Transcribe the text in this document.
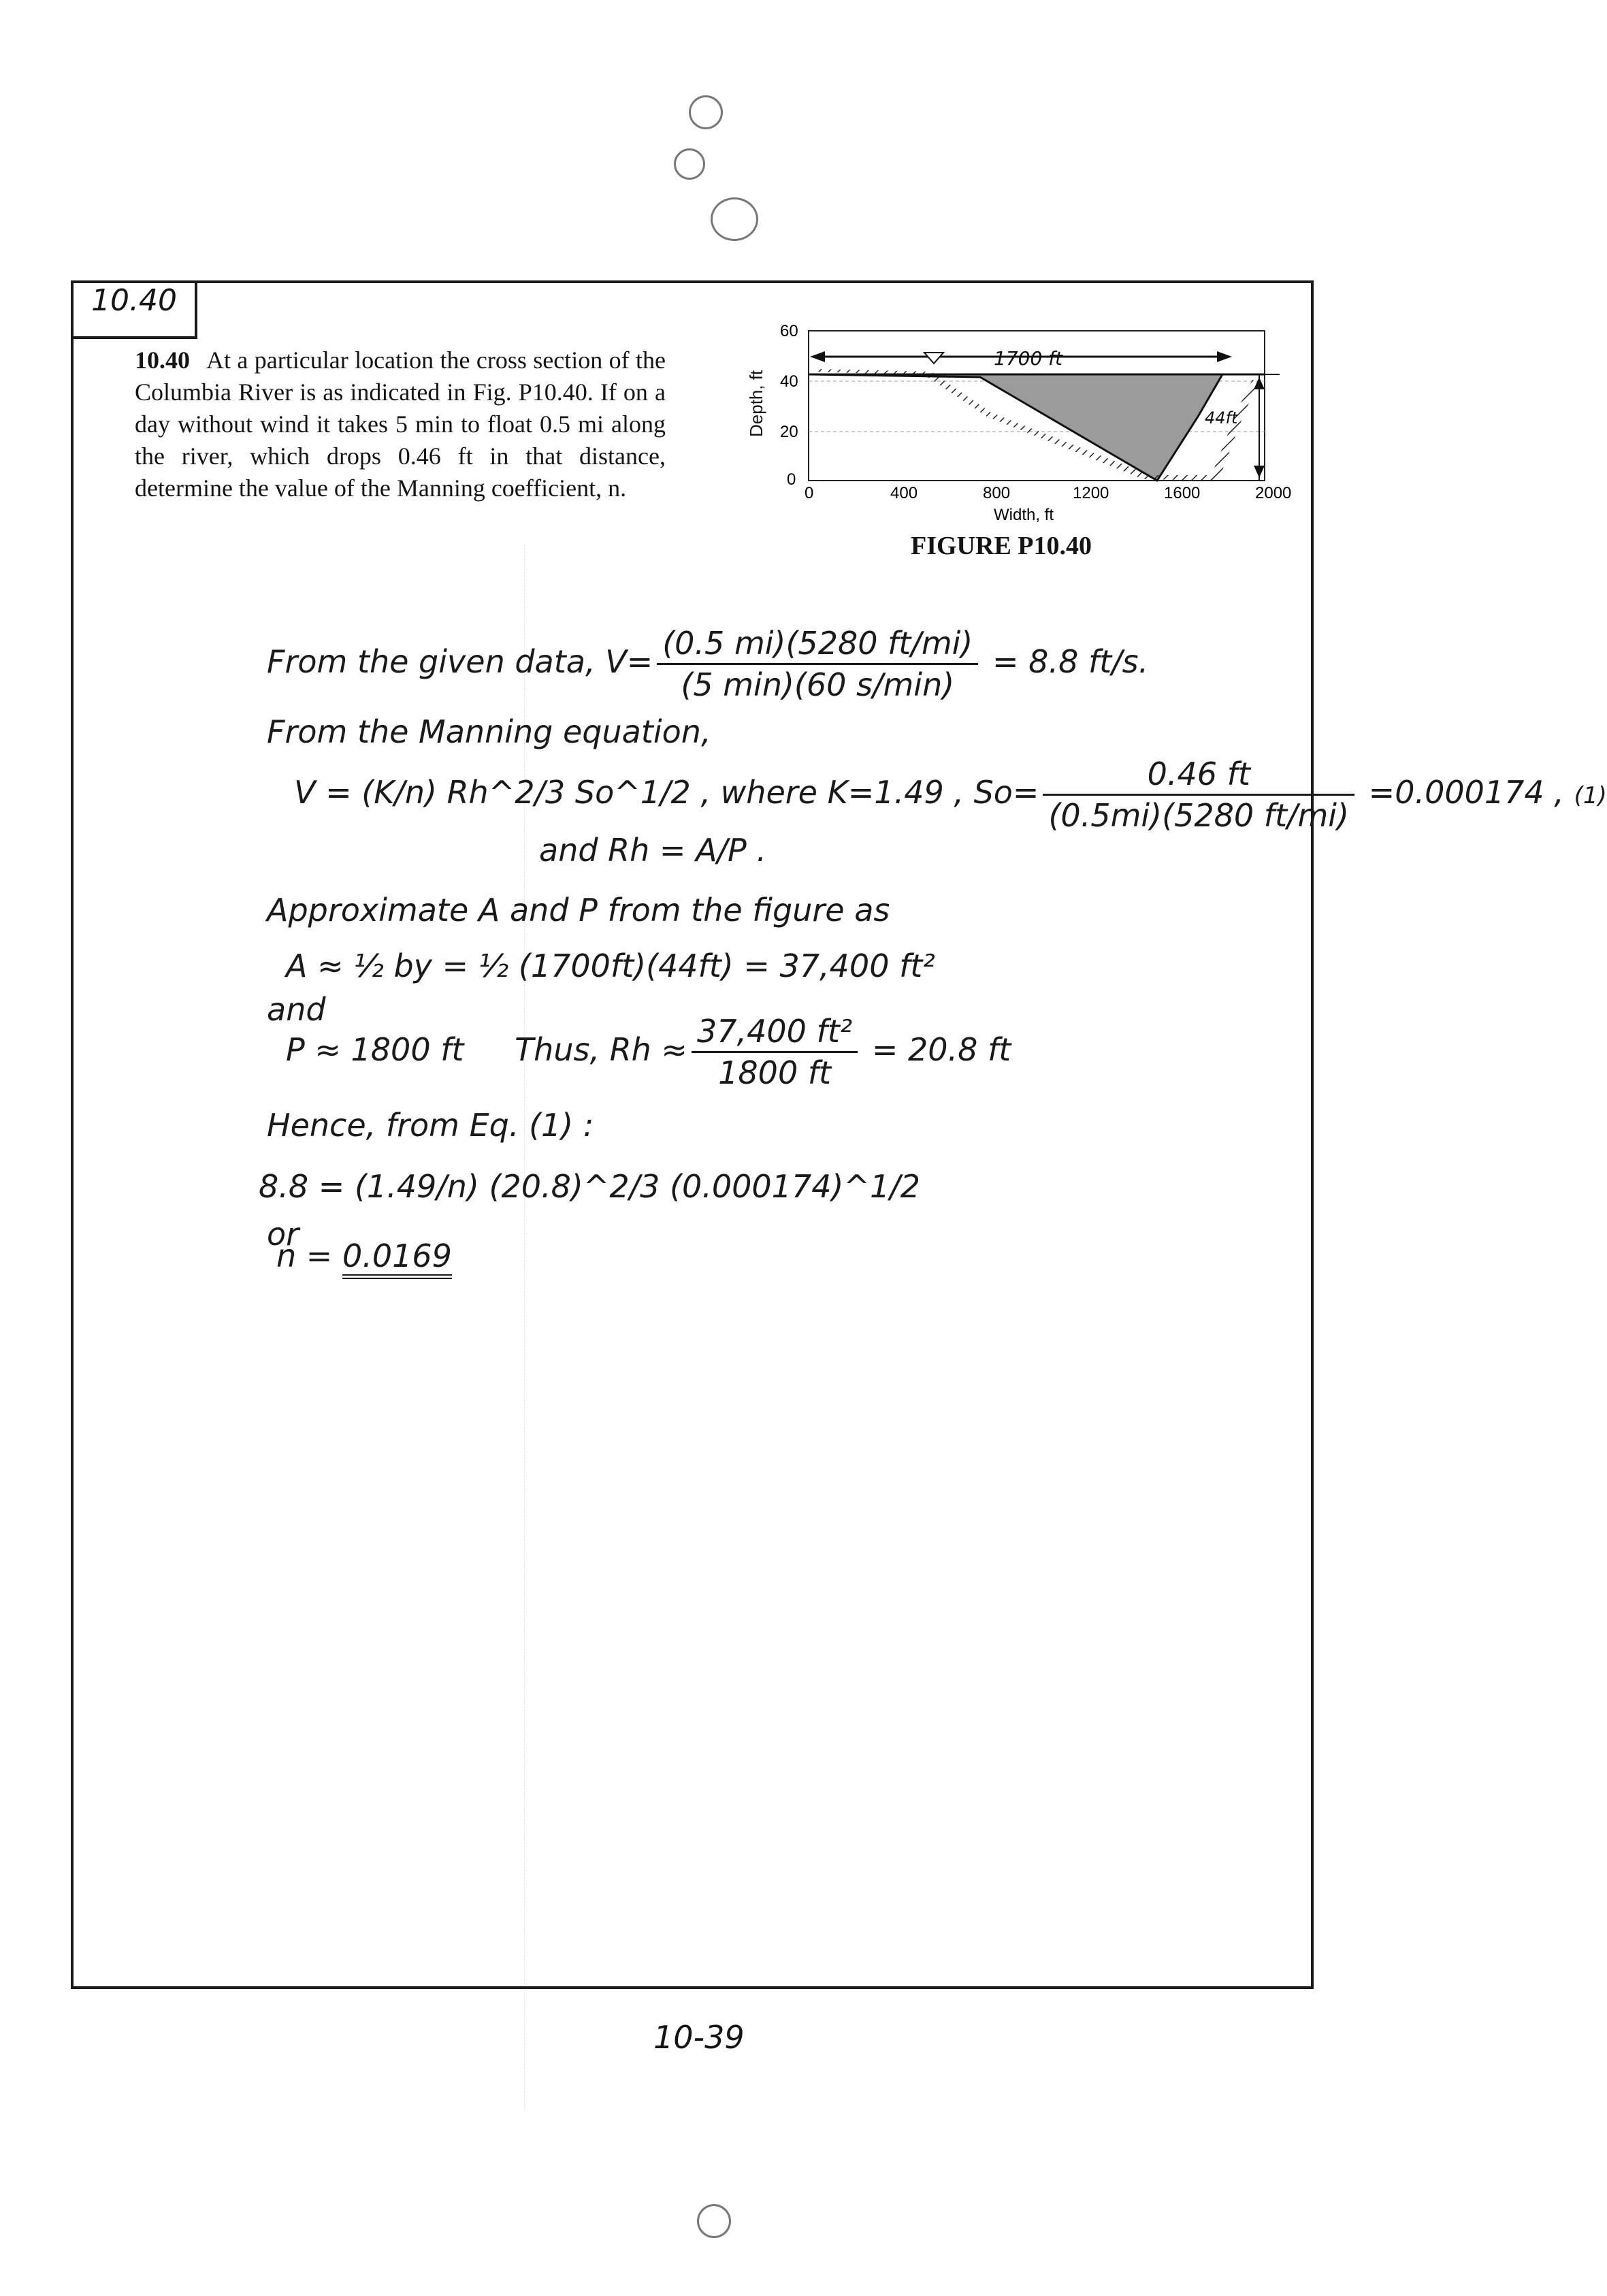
10.40
10.40 At a particular location the cross section of the Columbia River is as indicated in Fig. P10.40. If on a day without wind it takes 5 min to float 0.5 mi along the river, which drops 0.46 ft in that distance, determine the value of the Manning coefficient, n.
1700 ft
44ft
Depth, ft
0
20
40
60
0	400	800	1200	1600	2000
Width, ft
FIGURE P10.40
From the given data, $V= \frac{(0.5 mi)(5280 ft/mi)}{(5 \min)(60 s/\min)} = 8.8$ ft/s.
From the Manning equation,
V = (K/n) Rh^2/3 So^1/2 , where K=1.49 , $So= \frac{0.46 ft}{(0.5mi)(5280 ft/mi)} =0.000174$ , (1)
and Rh = A/P .
Approximate A and P from the figure as
A ≈ ½ by = ½ (1700ft)(44ft) = 37,400 ft²
and
P ≈ 1800 ft Thus, $Rh \approx \frac{\text{37,400 ft²}}{1800 ft} = 20.8$ ft
Hence, from Eq. (1) :
8.8 = (1.49/n) (20.8)^2/3 (0.000174)^1/2
or
n = 0.0169
10-39
